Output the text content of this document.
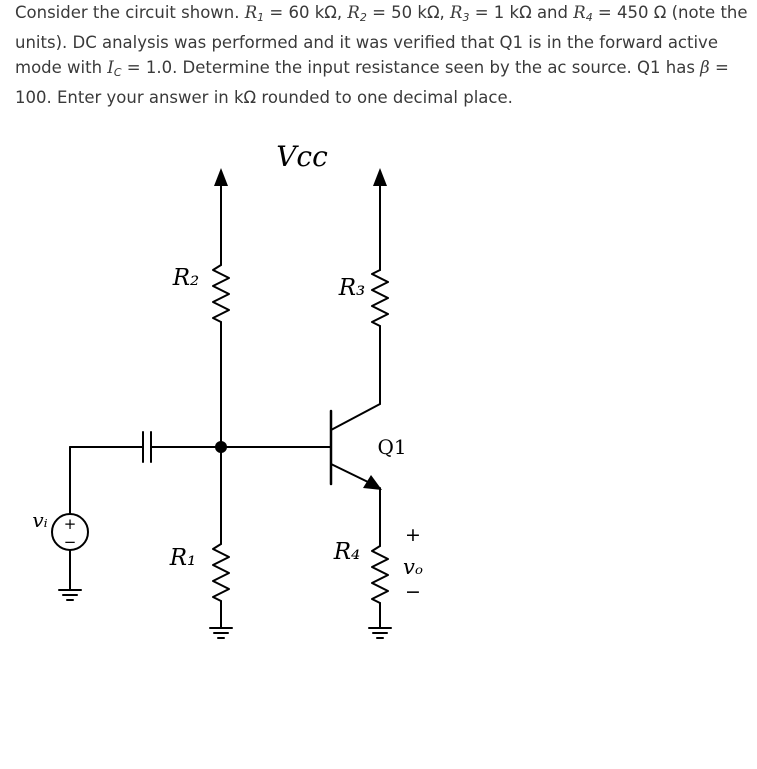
Consider the circuit shown. $R_1 = 60$ kΩ, $R_2 = 50$ kΩ, $R_3 = 1$ kΩ and $R_4 = 450$ Ω (note the units). DC analysis was performed and it was verified that Q1 is in the forward active mode with $I_C = 1.0$. Determine the input resistance seen by the ac source. Q1 has β = 100. Enter your answer in kΩ rounded to one decimal place.

+
−
Vcc
R₂	R₃
Q1
vᵢ
R₁	R₄
+
vₒ
−
